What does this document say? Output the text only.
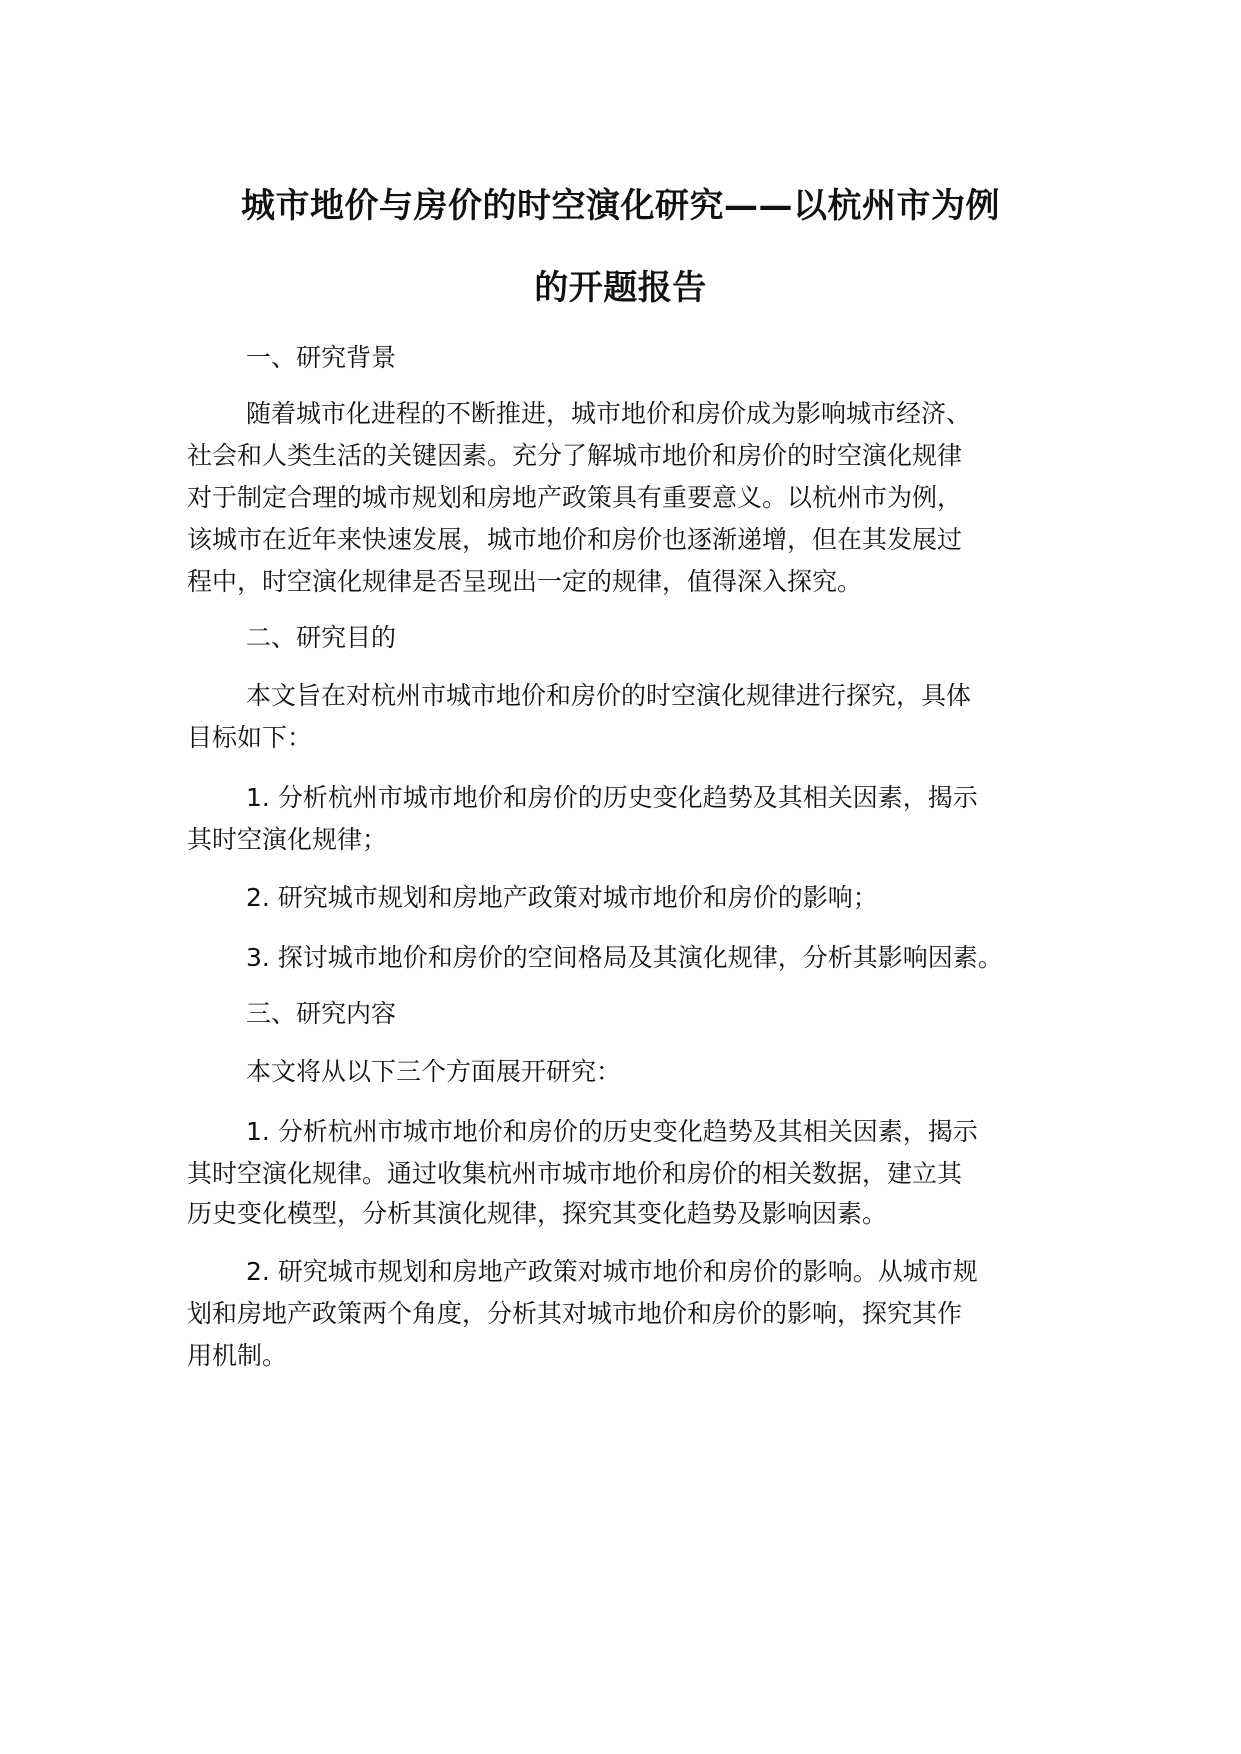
城市地价与房价的时空演化研究——以杭州市为例
的开题报告

一、研究背景

随着城市化进程的不断推进，城市地价和房价成为影响城市经济、

社会和人类生活的关键因素。充分了解城市地价和房价的时空演化规律

对于制定合理的城市规划和房地产政策具有重要意义。以杭州市为例，

该城市在近年来快速发展，城市地价和房价也逐渐递增，但在其发展过

程中，时空演化规律是否呈现出一定的规律，值得深入探究。

二、研究目的

本文旨在对杭州市城市地价和房价的时空演化规律进行探究，具体

目标如下：

1. 分析杭州市城市地价和房价的历史变化趋势及其相关因素，揭示

其时空演化规律；

2. 研究城市规划和房地产政策对城市地价和房价的影响；

3. 探讨城市地价和房价的空间格局及其演化规律，分析其影响因素。

三、研究内容

本文将从以下三个方面展开研究：

1. 分析杭州市城市地价和房价的历史变化趋势及其相关因素，揭示

其时空演化规律。通过收集杭州市城市地价和房价的相关数据，建立其

历史变化模型，分析其演化规律，探究其变化趋势及影响因素。

2. 研究城市规划和房地产政策对城市地价和房价的影响。从城市规

划和房地产政策两个角度，分析其对城市地价和房价的影响，探究其作

用机制。
